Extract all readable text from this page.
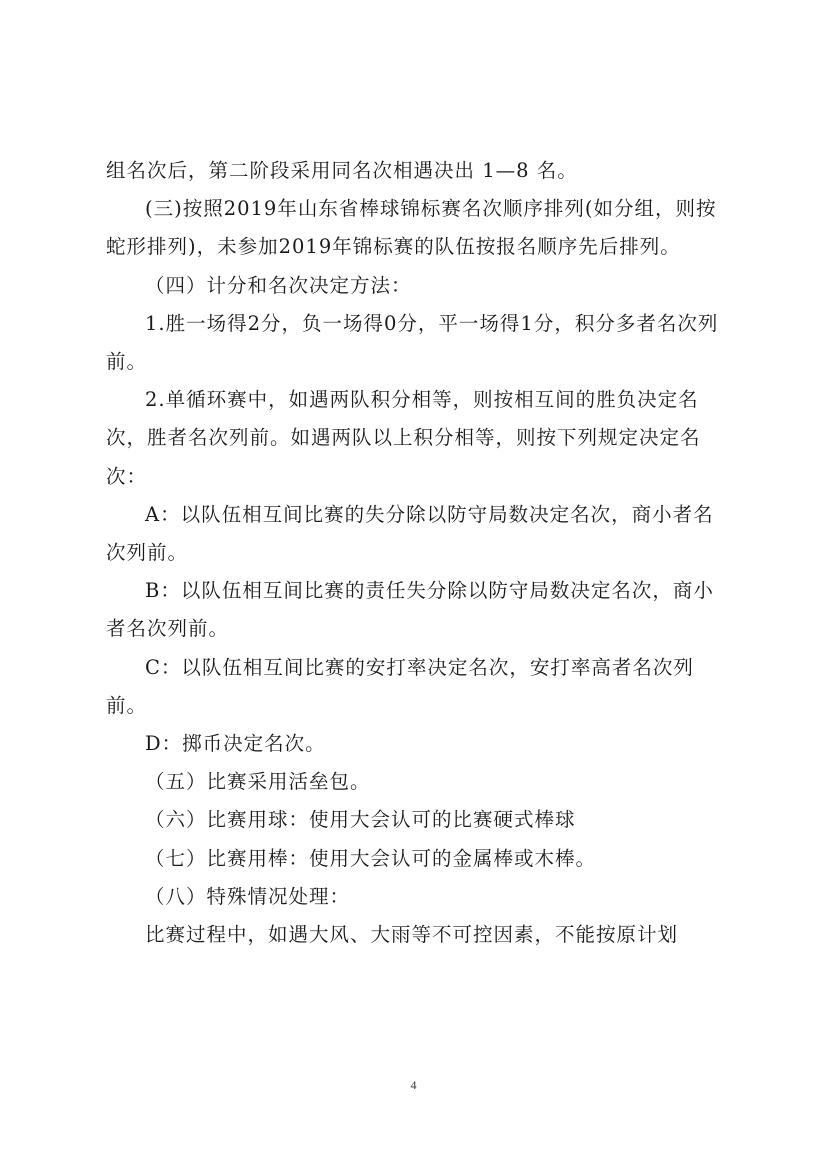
组名次后，第二阶段采用同名次相遇决出 1—8 名。

(三)按照2019年山东省棒球锦标赛名次顺序排列(如分组，则按蛇形排列)，未参加2019年锦标赛的队伍按报名顺序先后排列。

（四）计分和名次决定方法：

1.胜一场得2分，负一场得0分，平一场得1分，积分多者名次列前。

2.单循环赛中，如遇两队积分相等，则按相互间的胜负决定名次，胜者名次列前。如遇两队以上积分相等，则按下列规定决定名次：

A：以队伍相互间比赛的失分除以防守局数决定名次，商小者名次列前。

B：以队伍相互间比赛的责任失分除以防守局数决定名次，商小者名次列前。

C：以队伍相互间比赛的安打率决定名次，安打率高者名次列前。

D：掷币决定名次。

（五）比赛采用活垒包。

（六）比赛用球：使用大会认可的比赛硬式棒球

（七）比赛用棒：使用大会认可的金属棒或木棒。

（八）特殊情况处理：

比赛过程中，如遇大风、大雨等不可控因素，不能按原计划

4
